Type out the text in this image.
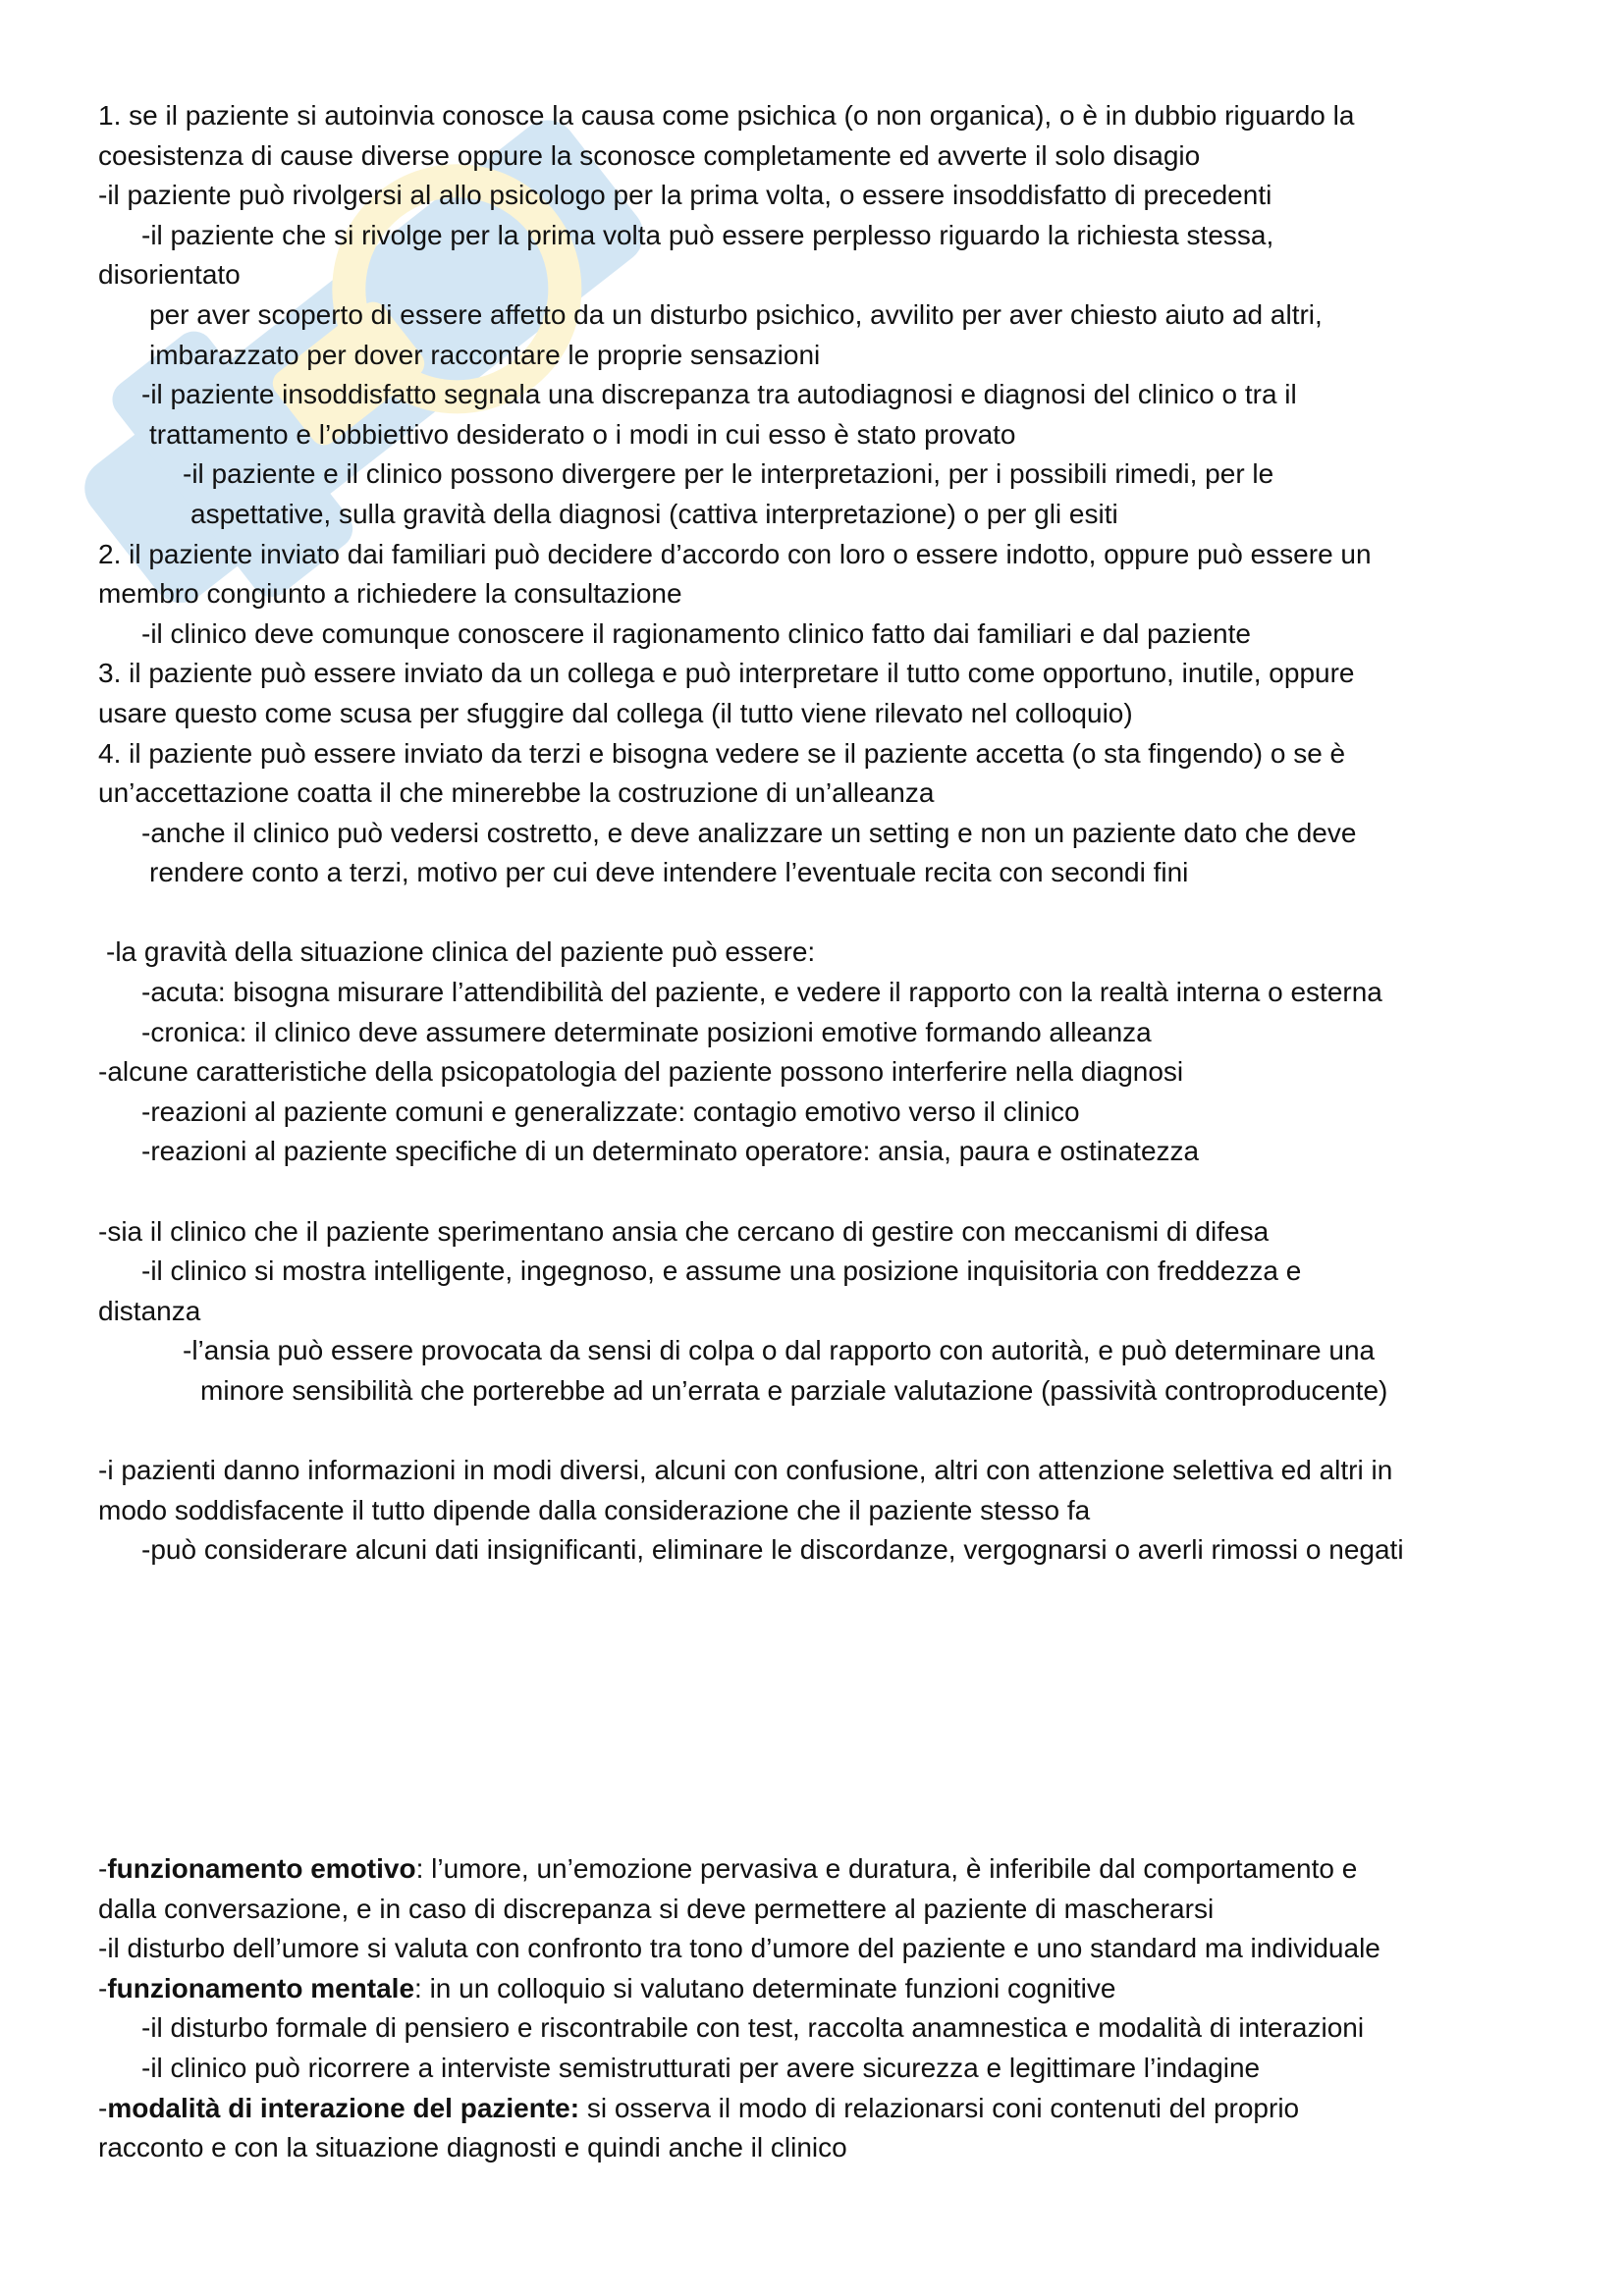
1. se il paziente si autoinvia conosce la causa come psichica (o non organica), o è in dubbio riguardo la
coesistenza di cause diverse oppure la sconosce completamente ed avverte il solo disagio
-il paziente può rivolgersi al allo psicologo per la prima volta, o essere insoddisfatto di precedenti
-il paziente che si rivolge per la prima volta può essere perplesso riguardo la richiesta stessa,
disorientato
per aver scoperto di essere affetto da un disturbo psichico, avvilito per aver chiesto aiuto ad altri,
imbarazzato per dover raccontare le proprie sensazioni
-il paziente insoddisfatto segnala una discrepanza tra autodiagnosi e diagnosi del clinico o tra il
trattamento e l’obbiettivo desiderato o i modi in cui esso è stato provato
-il paziente e il clinico possono divergere per le interpretazioni, per i possibili rimedi, per le
aspettative, sulla gravità della diagnosi (cattiva interpretazione) o per gli esiti
2. il paziente inviato dai familiari può decidere d’accordo con loro o essere indotto, oppure può essere un
membro congiunto a richiedere la consultazione
-il clinico deve comunque conoscere il ragionamento clinico fatto dai familiari e dal paziente
3. il paziente può essere inviato da un collega e può interpretare il tutto come opportuno, inutile, oppure
usare questo come scusa per sfuggire dal collega (il tutto viene rilevato nel colloquio)
4. il paziente può essere inviato da terzi e bisogna vedere se il paziente accetta (o sta fingendo) o se è
un’accettazione coatta il che minerebbe la costruzione di un’alleanza
-anche il clinico può vedersi costretto, e deve analizzare un setting e non un paziente dato che deve
rendere conto a terzi, motivo per cui deve intendere l’eventuale recita con secondi fini
-la gravità della situazione clinica del paziente può essere:
-acuta: bisogna misurare l’attendibilità del paziente, e vedere il rapporto con la realtà interna o esterna
-cronica: il clinico deve assumere determinate posizioni emotive formando alleanza
-alcune caratteristiche della psicopatologia del paziente possono interferire nella diagnosi
-reazioni al paziente comuni e generalizzate: contagio emotivo verso il clinico
-reazioni al paziente specifiche di un determinato operatore: ansia, paura e ostinatezza
-sia il clinico che il paziente sperimentano ansia che cercano di gestire con meccanismi di difesa
-il clinico si mostra intelligente, ingegnoso, e assume una posizione inquisitoria con freddezza e
distanza
-l’ansia può essere provocata da sensi di colpa o dal rapporto con autorità, e può determinare una
minore sensibilità che porterebbe ad un’errata e parziale valutazione (passività controproducente)
-i pazienti danno informazioni in modi diversi, alcuni con confusione, altri con attenzione selettiva ed altri in
modo soddisfacente il tutto dipende dalla considerazione che il paziente stesso fa
-può considerare alcuni dati insignificanti, eliminare le discordanze, vergognarsi o averli rimossi o negati
-funzionamento emotivo: l’umore, un’emozione pervasiva e duratura, è inferibile dal comportamento e
dalla conversazione, e in caso di discrepanza si deve permettere al paziente di mascherarsi
-il disturbo dell’umore si valuta con confronto tra tono d’umore del paziente e uno standard ma individuale
-funzionamento mentale: in un colloquio si valutano determinate funzioni cognitive
-il disturbo formale di pensiero e riscontrabile con test, raccolta anamnestica e modalità di interazioni
-il clinico può ricorrere a interviste semistrutturati per avere sicurezza e legittimare l’indagine
-modalità di interazione del paziente: si osserva il modo di relazionarsi coni contenuti del proprio
racconto e con la situazione diagnosti e quindi anche il clinico
